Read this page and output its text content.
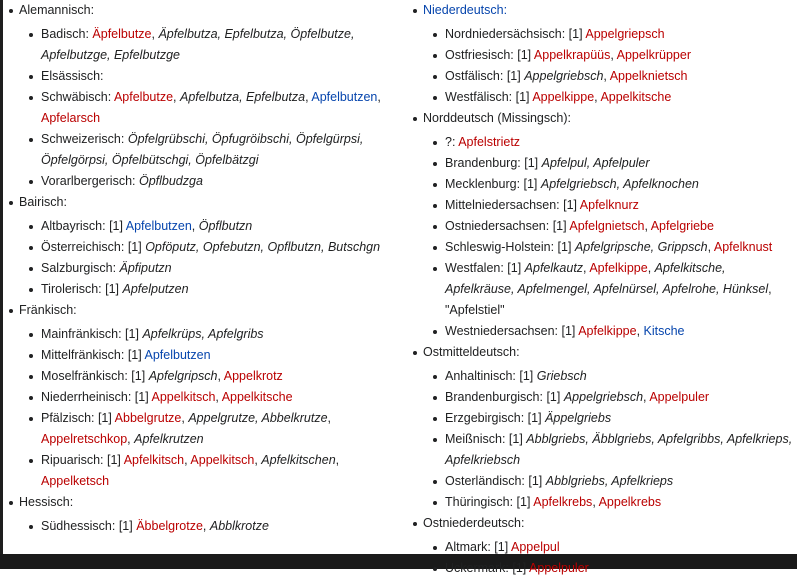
Alemannisch:
Badisch: Äpfelbutze, Äpfelbutza, Epfelbutza, Öpfelbutze, Apfelbutzge, Epfelbutzge
Elsässisch:
Schwäbisch: Apfelbutze, Apfelbutza, Epfelbutza, Apfelbutzen, Apfelarsch
Schweizerisch: Öpfelgrübschi, Öpfugröibschi, Öpfelgürpsi, Öpfelgörpsi, Öpfelbütschgi, Öpfelbätzgi
Vorarlbergerisch: Öpflbudzga
Bairisch:
Altbayrisch: [1] Apfelbutzen, Öpflbutzn
Österreichisch: [1] Opföputz, Opfebutzn, Opflbutzn, Butschgn
Salzburgisch: Äpfiputzn
Tirolerisch: [1] Apfelputzen
Fränkisch:
Mainfränkisch: [1] Apfelkrüps, Apfelgribs
Mittelfränkisch: [1] Apfelbutzen
Moselfränkisch: [1] Apfelgripsch, Appelkrotz
Niederrheinisch: [1] Appelkitsch, Appelkitsche
Pfälzisch: [1] Abbelgrutze, Appelgrutze, Abbelkrutze, Appelretschkop, Apfelkrutzen
Ripuarisch: [1] Apfelkitsch, Appelkitsch, Apfelkitschen, Appelketsch
Hessisch:
Südhessisch: [1] Äbbelgrotze, Abblkrotze
Niederdeutsch:
Nordniedersächsisch: [1] Appelgriepsch
Ostfriesisch: [1] Appelkrapüüs, Appelkrüpper
Ostfälisch: [1] Appelgriebsch, Appelknietsch
Westfälisch: [1] Appelkippe, Appelkitsche
Norddeutsch (Missingsch):
?: Apfelstrietz
Brandenburg: [1] Apfelpul, Apfelpuler
Mecklenburg: [1] Apfelgriebsch, Apfelknochen
Mittelniedersachsen: [1] Apfelknurz
Ostniedersachsen: [1] Apfelgnietsch, Apfelgriebe
Schleswig-Holstein: [1] Apfelgripsche, Grippsch, Apfelknust
Westfalen: [1] Apfelkautz, Apfelkippe, Apfelkitsche, Apfelkräuse, Apfelmengel, Apfelnürsel, Apfelrohe, Hünksel, "Apfelstiel"
Westniedersachsen: [1] Apfelkippe, Kitsche
Ostmitteldeutsch:
Anhaltinisch: [1] Griebsch
Brandenburgisch: [1] Appelgriebsch, Appelpuler
Erzgebirgisch: [1] Äppelgriebs
Meißnisch: [1] Abblgriebs, Äbblgriebs, Apfelgribbs, Apfelkrieps, Apfelkriebsch
Osterländisch: [1] Abblgriebs, Apfelkrieps
Thüringisch: [1] Apfelkrebs, Appelkrebs
Ostniederdeutsch:
Altmark: [1] Appelpul
Uckermark: [1] Appelpuler
